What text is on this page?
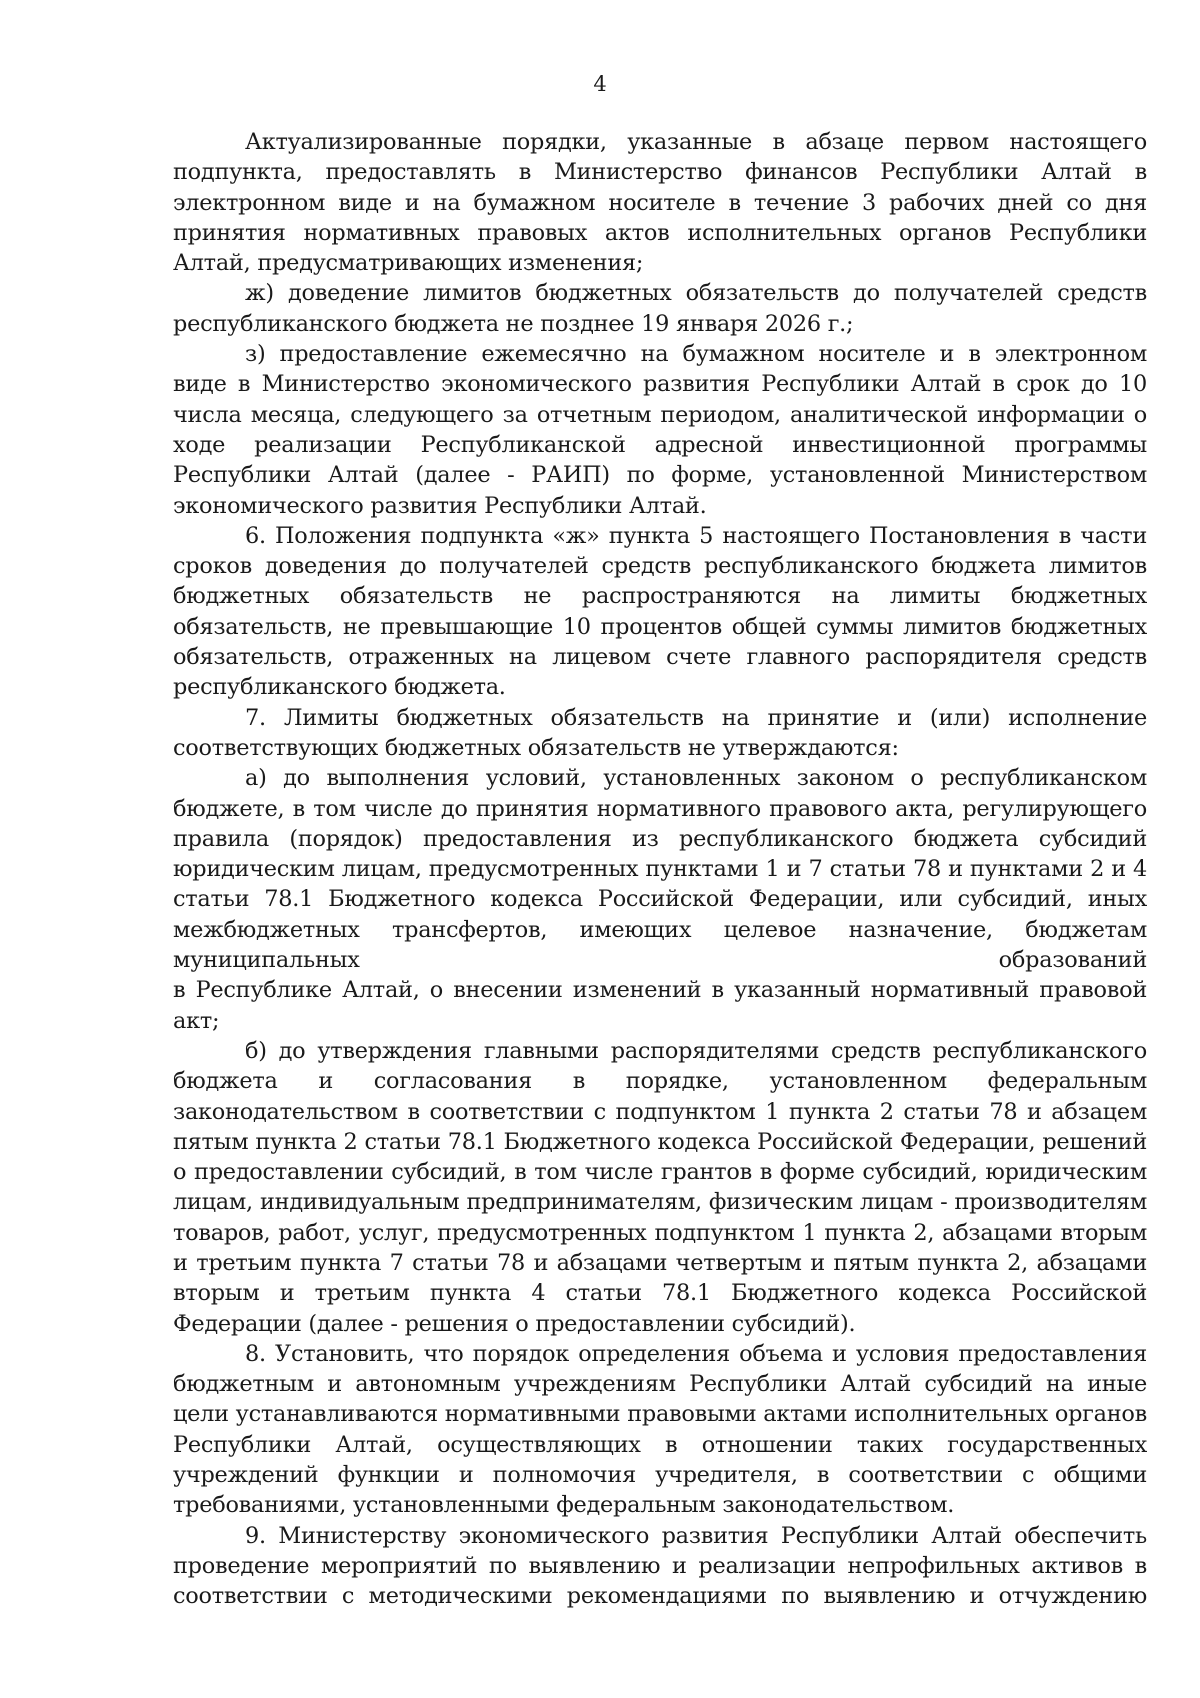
4

Актуализированные порядки, указанные в абзаце первом настоящего подпункта, предоставлять в Министерство финансов Республики Алтай в электронном виде и на бумажном носителе в течение 3 рабочих дней со дня принятия нормативных правовых актов исполнительных органов Республики Алтай, предусматривающих изменения;

ж) доведение лимитов бюджетных обязательств до получателей средств республиканского бюджета не позднее 19 января 2026 г.;

з) предоставление ежемесячно на бумажном носителе и в электронном виде в Министерство экономического развития Республики Алтай в срок до 10 числа месяца, следующего за отчетным периодом, аналитической информации о ходе реализации Республиканской адресной инвестиционной программы Республики Алтай (далее - РАИП) по форме, установленной Министерством экономического развития Республики Алтай.

6. Положения подпункта «ж» пункта 5 настоящего Постановления в части сроков доведения до получателей средств республиканского бюджета лимитов бюджетных обязательств не распространяются на лимиты бюджетных обязательств, не превышающие 10 процентов общей суммы лимитов бюджетных обязательств, отраженных на лицевом счете главного распорядителя средств республиканского бюджета.

7. Лимиты бюджетных обязательств на принятие и (или) исполнение соответствующих бюджетных обязательств не утверждаются:

а) до выполнения условий, установленных законом о республиканском бюджете, в том числе до принятия нормативного правового акта, регулирующего правила (порядок) предоставления из республиканского бюджета субсидий юридическим лицам, предусмотренных пунктами 1 и 7 статьи 78 и пунктами 2 и 4 статьи 78.1 Бюджетного кодекса Российской Федерации, или субсидий, иных межбюджетных трансфертов, имеющих целевое назначение, бюджетам муниципальных образований

в Республике Алтай, о внесении изменений в указанный нормативный правовой акт;

б) до утверждения главными распорядителями средств республиканского бюджета и согласования в порядке, установленном федеральным законодательством в соответствии с подпунктом 1 пункта 2 статьи 78 и абзацем пятым пункта 2 статьи 78.1 Бюджетного кодекса Российской Федерации, решений о предоставлении субсидий, в том числе грантов в форме субсидий, юридическим лицам, индивидуальным предпринимателям, физическим лицам - производителям товаров, работ, услуг, предусмотренных подпунктом 1 пункта 2, абзацами вторым и третьим пункта 7 статьи 78 и абзацами четвертым и пятым пункта 2, абзацами вторым и третьим пункта 4 статьи 78.1 Бюджетного кодекса Российской Федерации (далее - решения о предоставлении субсидий).

8. Установить, что порядок определения объема и условия предоставления бюджетным и автономным учреждениям Республики Алтай субсидий на иные цели устанавливаются нормативными правовыми актами исполнительных органов Республики Алтай, осуществляющих в отношении таких государственных учреждений функции и полномочия учредителя, в соответствии с общими требованиями, установленными федеральным законодательством.

9. Министерству экономического развития Республики Алтай обеспечить проведение мероприятий по выявлению и реализации непрофильных активов в соответствии с методическими рекомендациями по выявлению и отчуждению
